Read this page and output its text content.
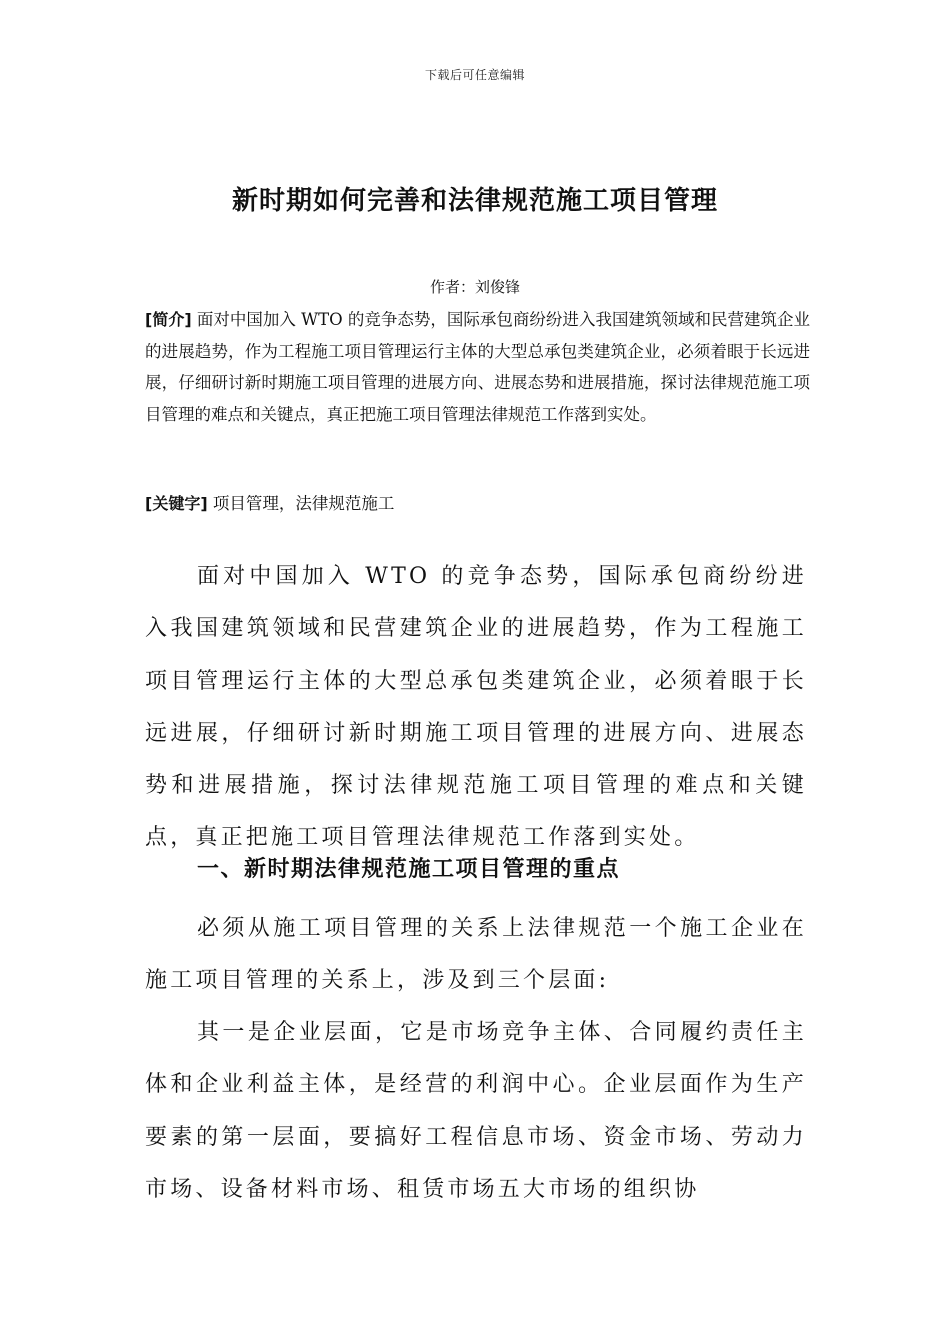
下载后可任意编辑
新时期如何完善和法律规范施工项目管理
作者：刘俊锋
[简介] 面对中国加入 WTO 的竞争态势，国际承包商纷纷进入我国建筑领域和民营建筑企业的进展趋势，作为工程施工项目管理运行主体的大型总承包类建筑企业，必须着眼于长远进展，仔细研讨新时期施工项目管理的进展方向、进展态势和进展措施，探讨法律规范施工项目管理的难点和关键点，真正把施工项目管理法律规范工作落到实处。
[关键字] 项目管理，法律规范施工

面对中国加入 WTO 的竞争态势，国际承包商纷纷进入我国建筑领域和民营建筑企业的进展趋势，作为工程施工项目管理运行主体的大型总承包类建筑企业，必须着眼于长远进展，仔细研讨新时期施工项目管理的进展方向、进展态势和进展措施，探讨法律规范施工项目管理的难点和关键点，真正把施工项目管理法律规范工作落到实处。

一、新时期法律规范施工项目管理的重点

必须从施工项目管理的关系上法律规范一个施工企业在施工项目管理的关系上，涉及到三个层面:

其一是企业层面，它是市场竞争主体、合同履约责任主体和企业利益主体，是经营的利润中心。企业层面作为生产要素的第一层面，要搞好工程信息市场、资金市场、劳动力市场、设备材料市场、租赁市场五大市场的组织协
